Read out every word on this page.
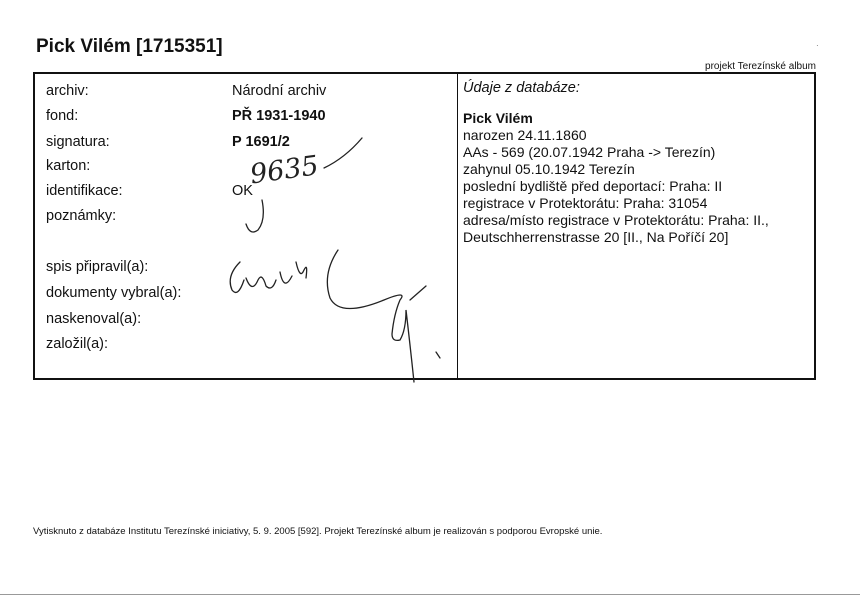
Pick Vilém [1715351]	·
projekt Terezínské album
archiv:	Národní archiv
fond:	PŘ 1931-1940
signatura:	P 1691/2
karton:
identifikace:	OK
poznámky:
spis připravil(a):
dokumenty vybral(a):
naskenoval(a):
založil(a):
Údaje z databáze:
Pick Vilém
narozen 24.11.1860
AAs - 569 (20.07.1942 Praha -> Terezín)
zahynul 05.10.1942 Terezín
poslední bydliště před deportací: Praha: II
registrace v Protektorátu: Praha: 31054
adresa/místo registrace v Protektorátu: Praha: II.,
Deutschherrenstrasse 20 [II., Na Poříčí 20]
9635
Vytisknuto z databáze Institutu Terezínské iniciativy, 5. 9. 2005 [592]. Projekt Terezínské album je realizován s podporou Evropské unie.
